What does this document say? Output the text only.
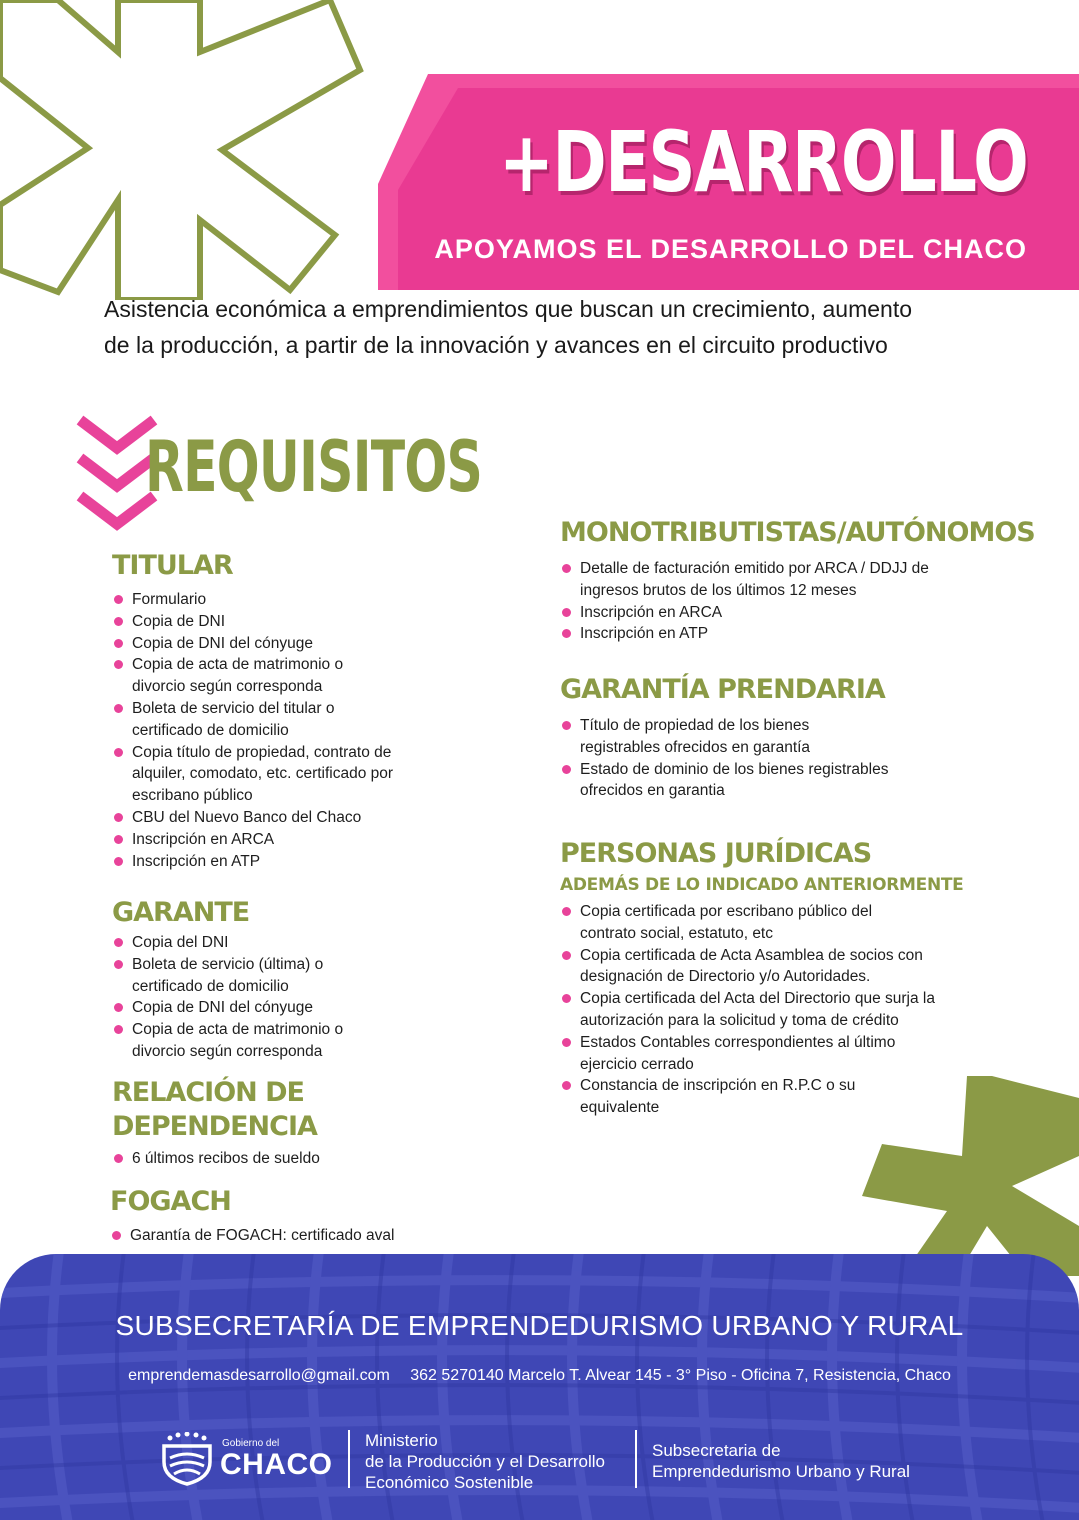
+DESARROLLO
APOYAMOS EL DESARROLLO DEL CHACO

Asistencia económica a emprendimientos que buscan un crecimiento, aumento de la producción, a partir de la innovación y avances en el circuito productivo

REQUISITOS
TITULAR
Formulario
Copia de DNI
Copia de DNI del cónyuge
Copia de acta de matrimonio o divorcio según corresponda
Boleta de servicio del titular o certificado de domicilio
Copia título de propiedad, contrato de alquiler, comodato, etc. certificado por escribano público
CBU del Nuevo Banco del Chaco
Inscripción en ARCA
Inscripción en ATP
GARANTE
Copia del DNI
Boleta de servicio (última) o certificado de domicilio
Copia de DNI del cónyuge
Copia de acta de matrimonio o divorcio según corresponda
RELACIÓN DE DEPENDENCIA
6 últimos recibos de sueldo
FOGACH
Garantía de FOGACH: certificado aval
MONOTRIBUTISTAS/AUTÓNOMOS
Detalle de facturación emitido por ARCA / DDJJ de ingresos brutos de los últimos 12 meses
Inscripción en ARCA
Inscripción en ATP
GARANTÍA PRENDARIA
Título de propiedad de los bienes registrables ofrecidos en garantía
Estado de dominio de los bienes registrables ofrecidos en garantia
PERSONAS JURÍDICAS
ADEMÁS DE LO INDICADO ANTERIORMENTE
Copia certificada por escribano público del contrato social, estatuto, etc
Copia certificada de Acta Asamblea de socios con designación de Directorio y/o Autoridades.
Copia certificada del Acta del Directorio que surja la autorización para la solicitud y toma de crédito
Estados Contables correspondientes al último ejercicio cerrado
Constancia de inscripción en R.P.C o su equivalente
SUBSECRETARÍA DE EMPRENDEDURISMO URBANO Y RURAL
emprendemasdesarrollo@gmail.com 362 5270140 Marcelo T. Alvear 145 - 3° Piso - Oficina 7, Resistencia, Chaco
Gobierno del
CHACO
Ministerio
de la Producción y el Desarrollo
Económico Sostenible
Subsecretaria de
Emprendedurismo Urbano y Rural
